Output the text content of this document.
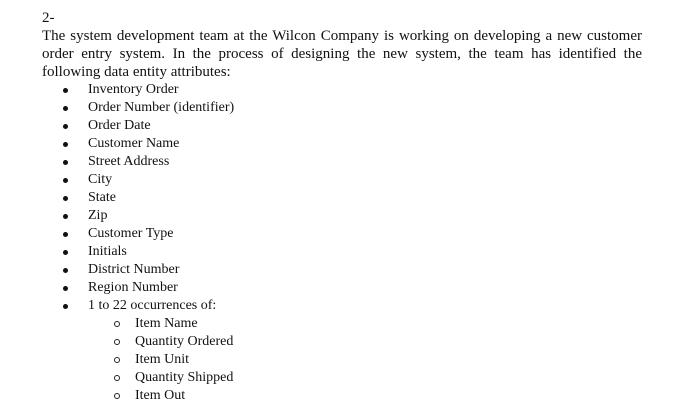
2-

The system development team at the Wilcon Company is working on developing a new customer order entry system. In the process of designing the new system, the team has identified the following data entity attributes:

Inventory Order
Order Number (identifier)
Order Date
Customer Name
Street Address
City
State
Zip
Customer Type
Initials
District Number
Region Number
1 to 22 occurrences of:
Item Name
Quantity Ordered
Item Unit
Quantity Shipped
Item Out
